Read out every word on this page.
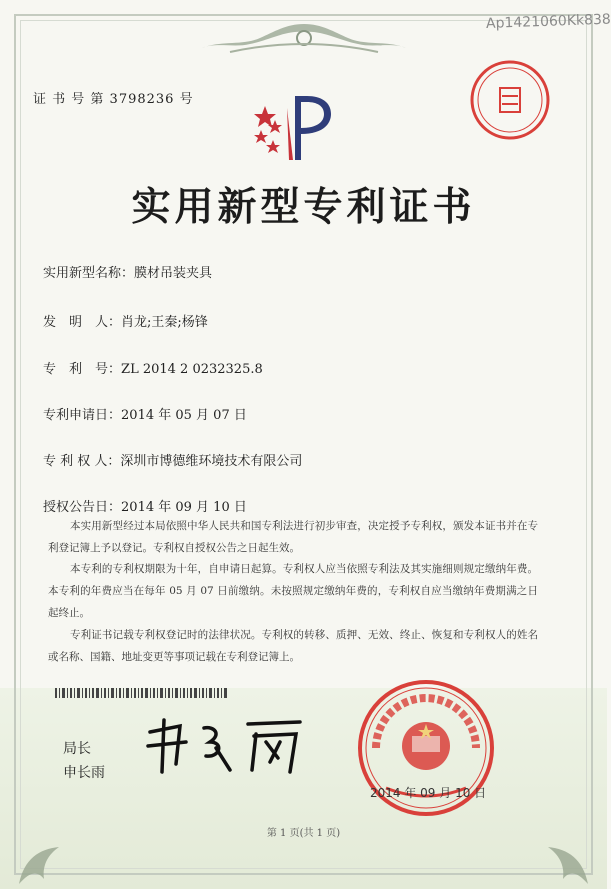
Ap1421060Kk838
证 书 号 第 3798236 号
实用新型专利证书
实用新型名称：膜材吊装夹具
发　明　人：肖龙;王秦;杨锋
专　利　号：ZL 2014 2 0232325.8
专利申请日：2014 年 05 月 07 日
专 利 权 人：深圳市博德维环境技术有限公司
授权公告日：2014 年 09 月 10 日
本实用新型经过本局依照中华人民共和国专利法进行初步审查，决定授予专利权，颁发本证书并在专利登记簿上予以登记。专利权自授权公告之日起生效。
本专利的专利权期限为十年，自申请日起算。专利权人应当依照专利法及其实施细则规定缴纳年费。本专利的年费应当在每年 05 月 07 日前缴纳。未按照规定缴纳年费的，专利权自应当缴纳年费期满之日起终止。
专利证书记载专利权登记时的法律状况。专利权的转移、质押、无效、终止、恢复和专利权人的姓名或名称、国籍、地址变更等事项记载在专利登记簿上。
局长
申长雨
2014 年 09 月 10 日
第 1 页(共 1 页)
